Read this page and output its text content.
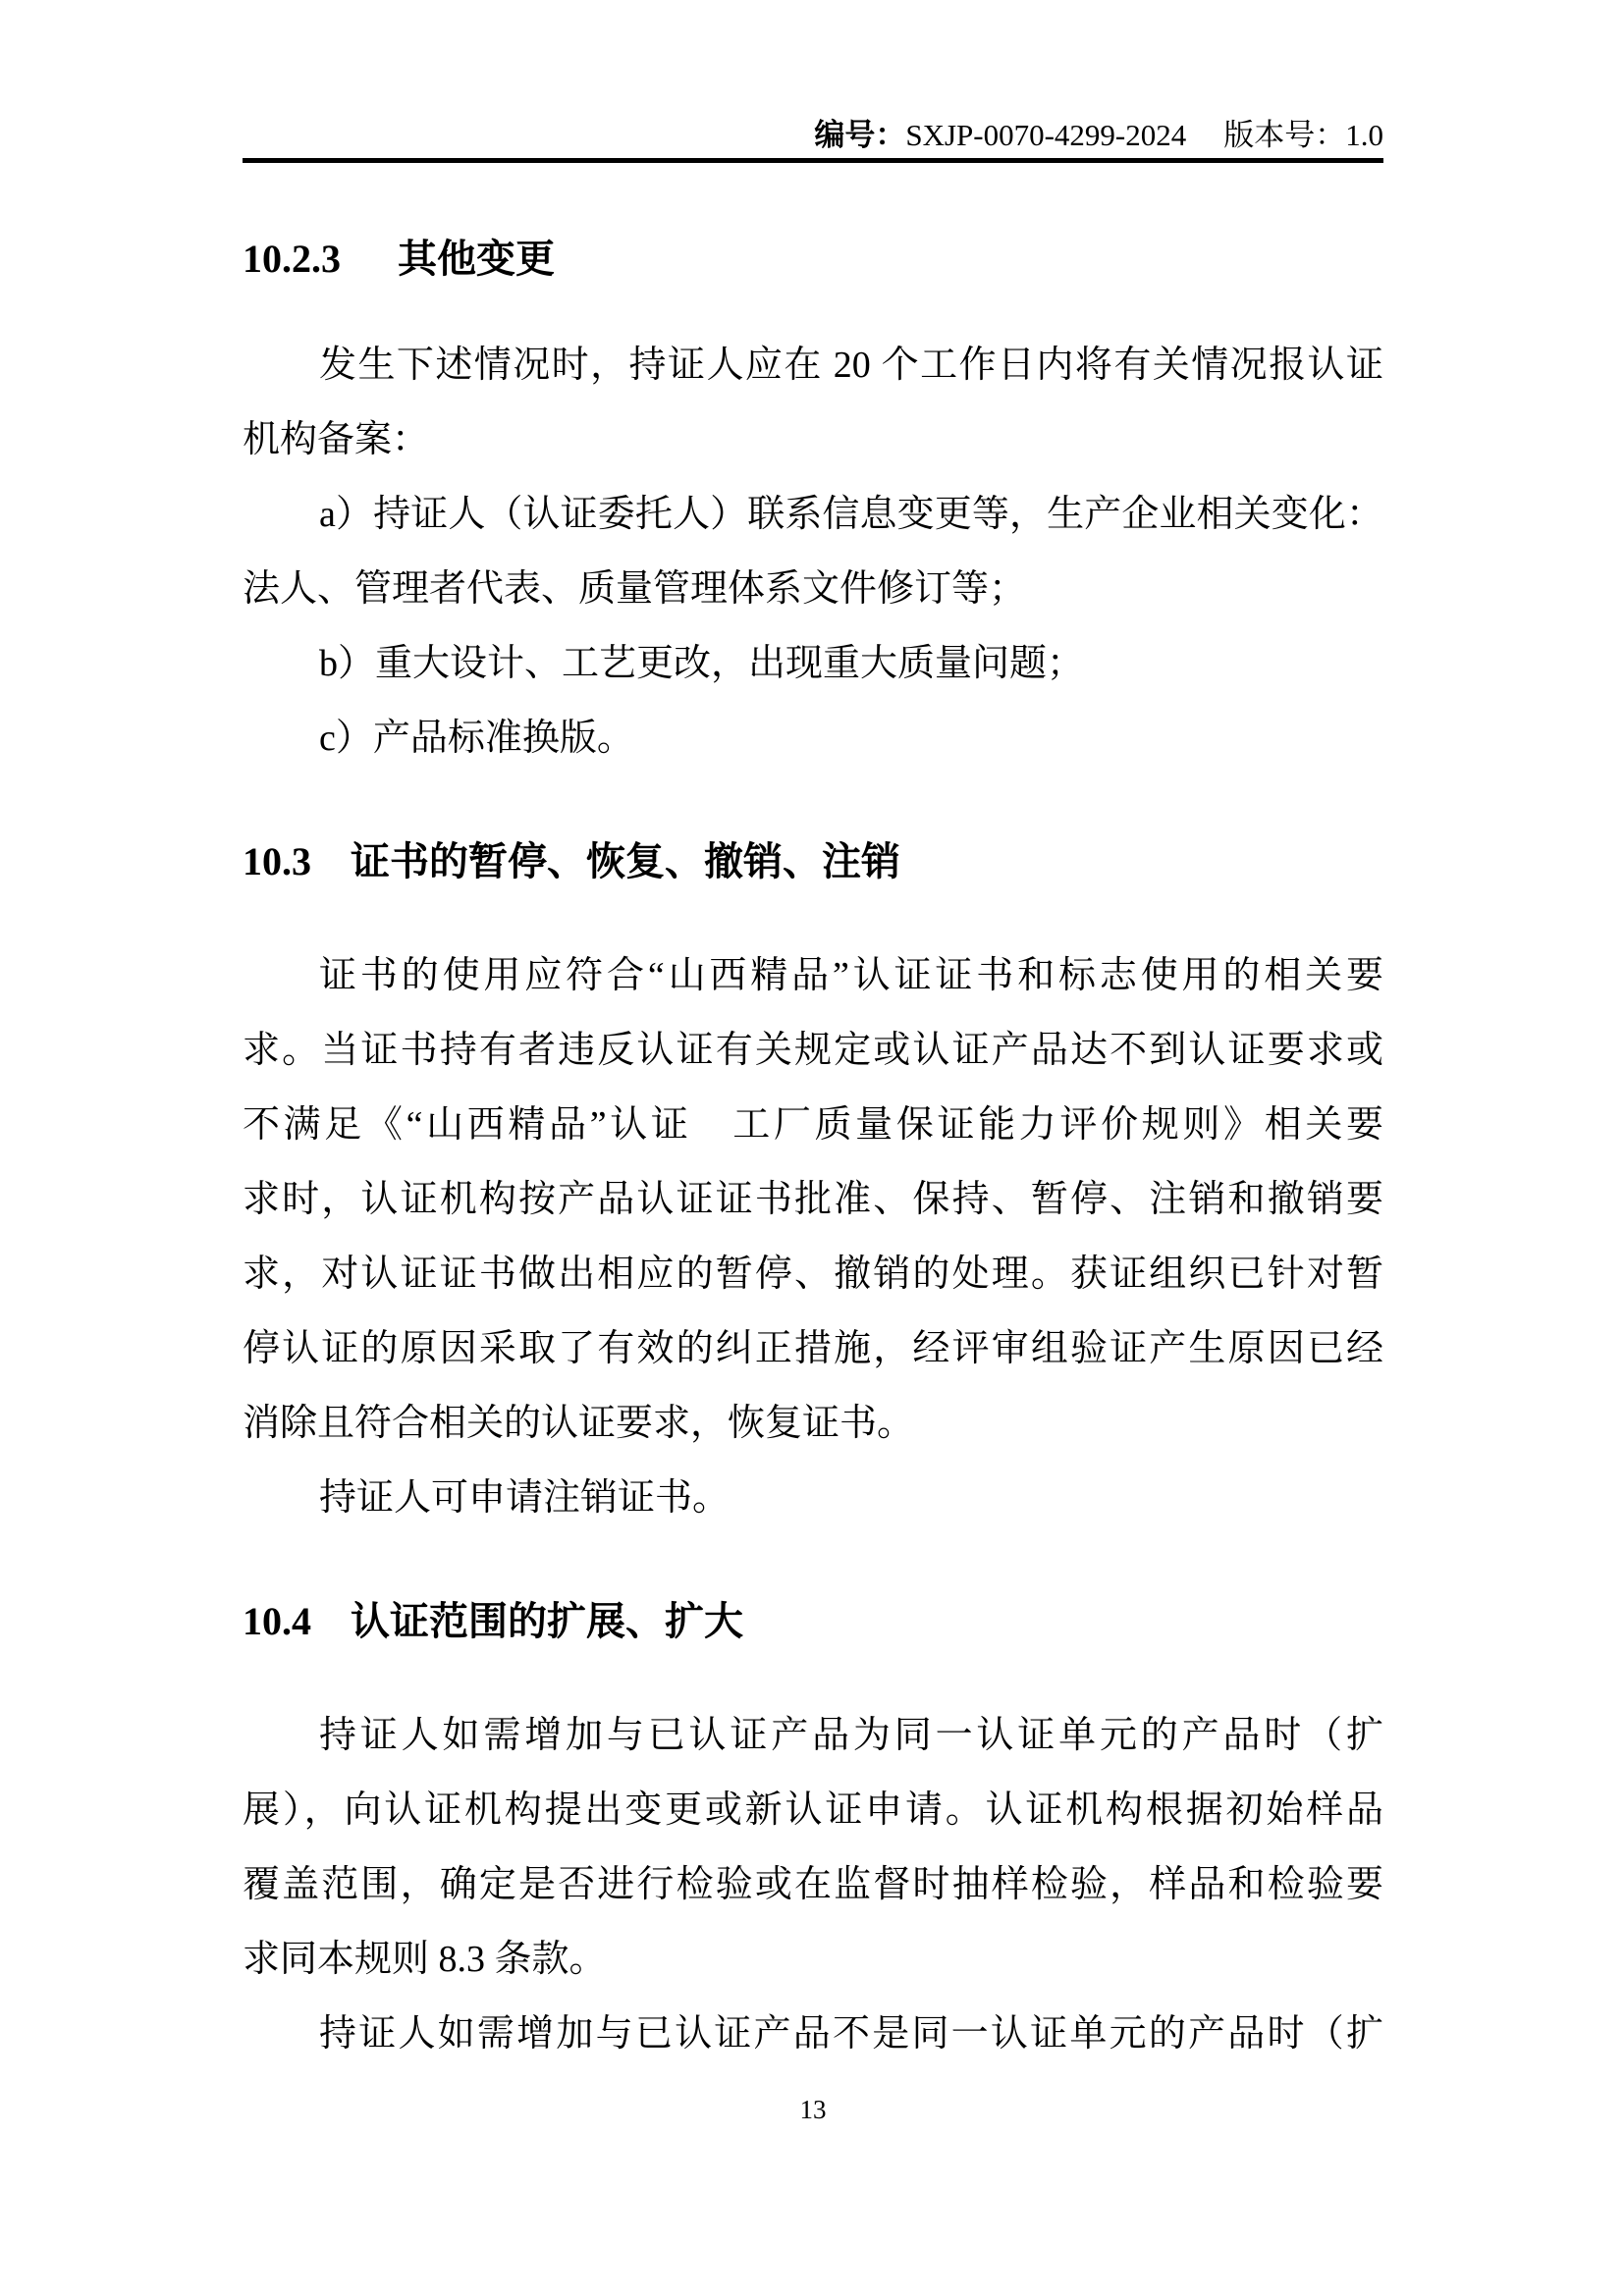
编号：SXJP-0070-4299-2024 版本号：1.0
10.2.3 其他变更
发生下述情况时，持证人应在 20 个工作日内将有关情况报认证
机构备案：
a）持证人（认证委托人）联系信息变更等，生产企业相关变化：
法人、管理者代表、质量管理体系文件修订等；
b）重大设计、工艺更改，出现重大质量问题；
c）产品标准换版。
10.3 证书的暂停、恢复、撤销、注销
证书的使用应符合“山西精品”认证证书和标志使用的相关要
求。当证书持有者违反认证有关规定或认证产品达不到认证要求或
不满足《“山西精品”认证　工厂质量保证能力评价规则》相关要
求时，认证机构按产品认证证书批准、保持、暂停、注销和撤销要
求，对认证证书做出相应的暂停、撤销的处理。获证组织已针对暂
停认证的原因采取了有效的纠正措施，经评审组验证产生原因已经
消除且符合相关的认证要求，恢复证书。
持证人可申请注销证书。
10.4 认证范围的扩展、扩大
持证人如需增加与已认证产品为同一认证单元的产品时（扩
展），向认证机构提出变更或新认证申请。认证机构根据初始样品
覆盖范围，确定是否进行检验或在监督时抽样检验，样品和检验要
求同本规则 8.3 条款。
持证人如需增加与已认证产品不是同一认证单元的产品时（扩
13
